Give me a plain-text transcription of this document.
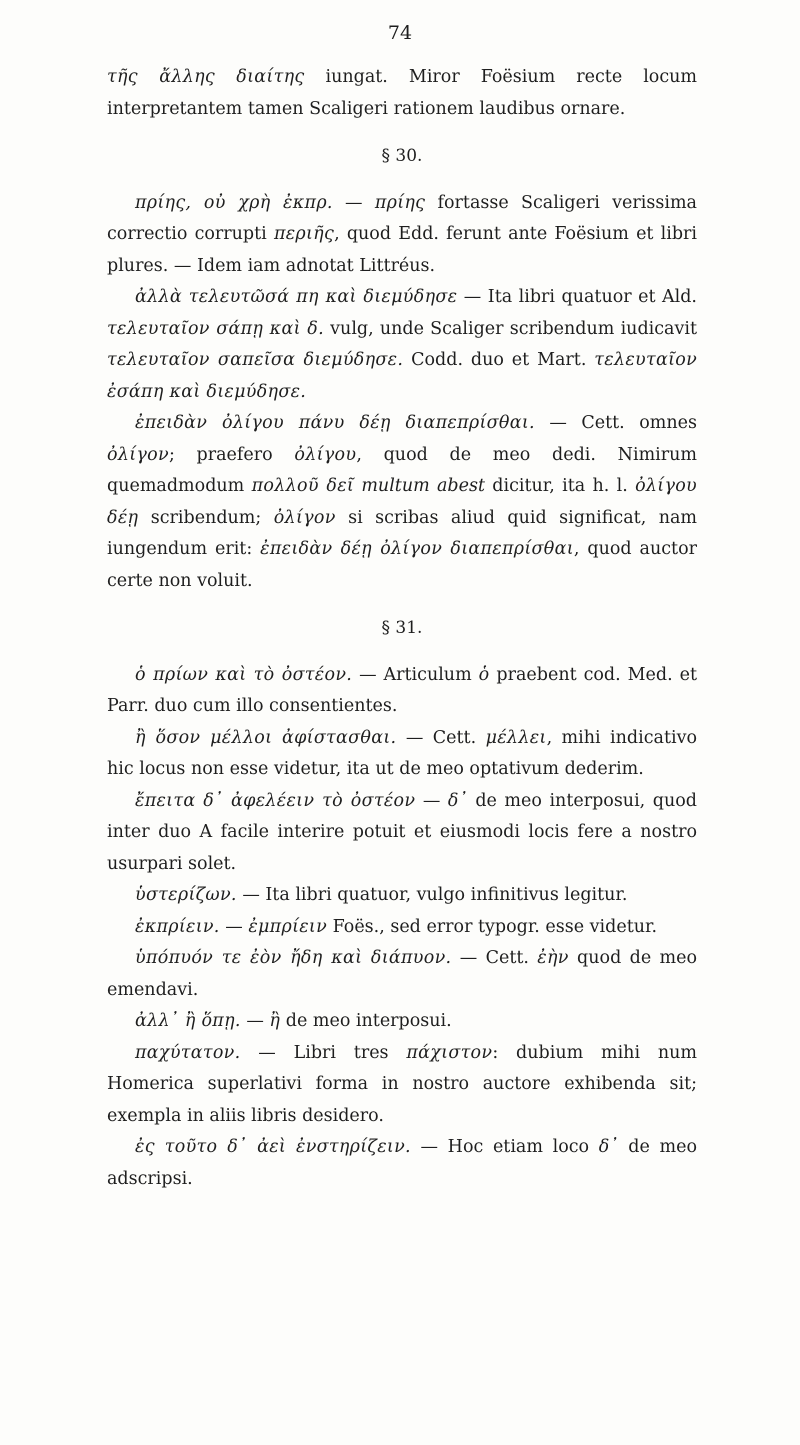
74

τῆς ἄλλης διαίτης iungat. Miror Foësium recte locum interpretantem tamen Scaligeri rationem laudibus ornare.

§ 30.

πρίης, οὐ χρὴ ἐκπρ. — πρίης fortasse Scaligeri verissima correctio corrupti περιῆς, quod Edd. ferunt ante Foësium et libri plures. — Idem iam adnotat Littréus.

ἀλλὰ τελευτῶσά πη καὶ διεμύδησε — Ita libri quatuor et Ald. τελευταῖον σάπῃ καὶ δ. vulg, unde Scaliger scribendum iudicavit τελευταῖον σαπεῖσα διεμύδησε. Codd. duo et Mart. τελευταῖον ἐσάπη καὶ διεμύδησε.

ἐπειδὰν ὀλίγου πάνυ δέῃ διαπεπρίσθαι. — Cett. omnes ὀλίγον; praefero ὀλίγου, quod de meo dedi. Nimirum quemadmodum πολλοῦ δεῖ multum abest dicitur, ita h. l. ὀλίγου δέῃ scribendum; ὀλίγον si scribas aliud quid significat, nam iungendum erit: ἐπειδὰν δέῃ ὀλίγον διαπεπρίσθαι, quod auctor certe non voluit.

§ 31.

ὁ πρίων καὶ τὸ ὀστέον. — Articulum ὁ praebent cod. Med. et Parr. duo cum illo consentientes.

ἢ ὅσον μέλλοι ἀφίστασθαι. — Cett. μέλλει, mihi indicativo hic locus non esse videtur, ita ut de meo optativum dederim.

ἔπειτα δ᾽ ἀφελέειν τὸ ὀστέον — δ᾽ de meo interposui, quod inter duo A facile interire potuit et eiusmodi locis fere a nostro usurpari solet.

ὑστερίζων. — Ita libri quatuor, vulgo infinitivus legitur.

ἐκπρίειν. — ἐμπρίειν Foës., sed error typogr. esse videtur.

ὑπόπυόν τε ἐὸν ἤδη καὶ διάπυον. — Cett. ἐὴν quod de meo emendavi.

ἀλλ᾽ ἢ ὅπῃ. — ἢ de meo interposui.

παχύτατον. — Libri tres πάχιστον: dubium mihi num Homerica superlativi forma in nostro auctore exhibenda sit; exempla in aliis libris desidero.

ἐς τοῦτο δ᾽ ἀεὶ ἐνστηρίζειν. — Hoc etiam loco δ᾽ de meo adscripsi.
